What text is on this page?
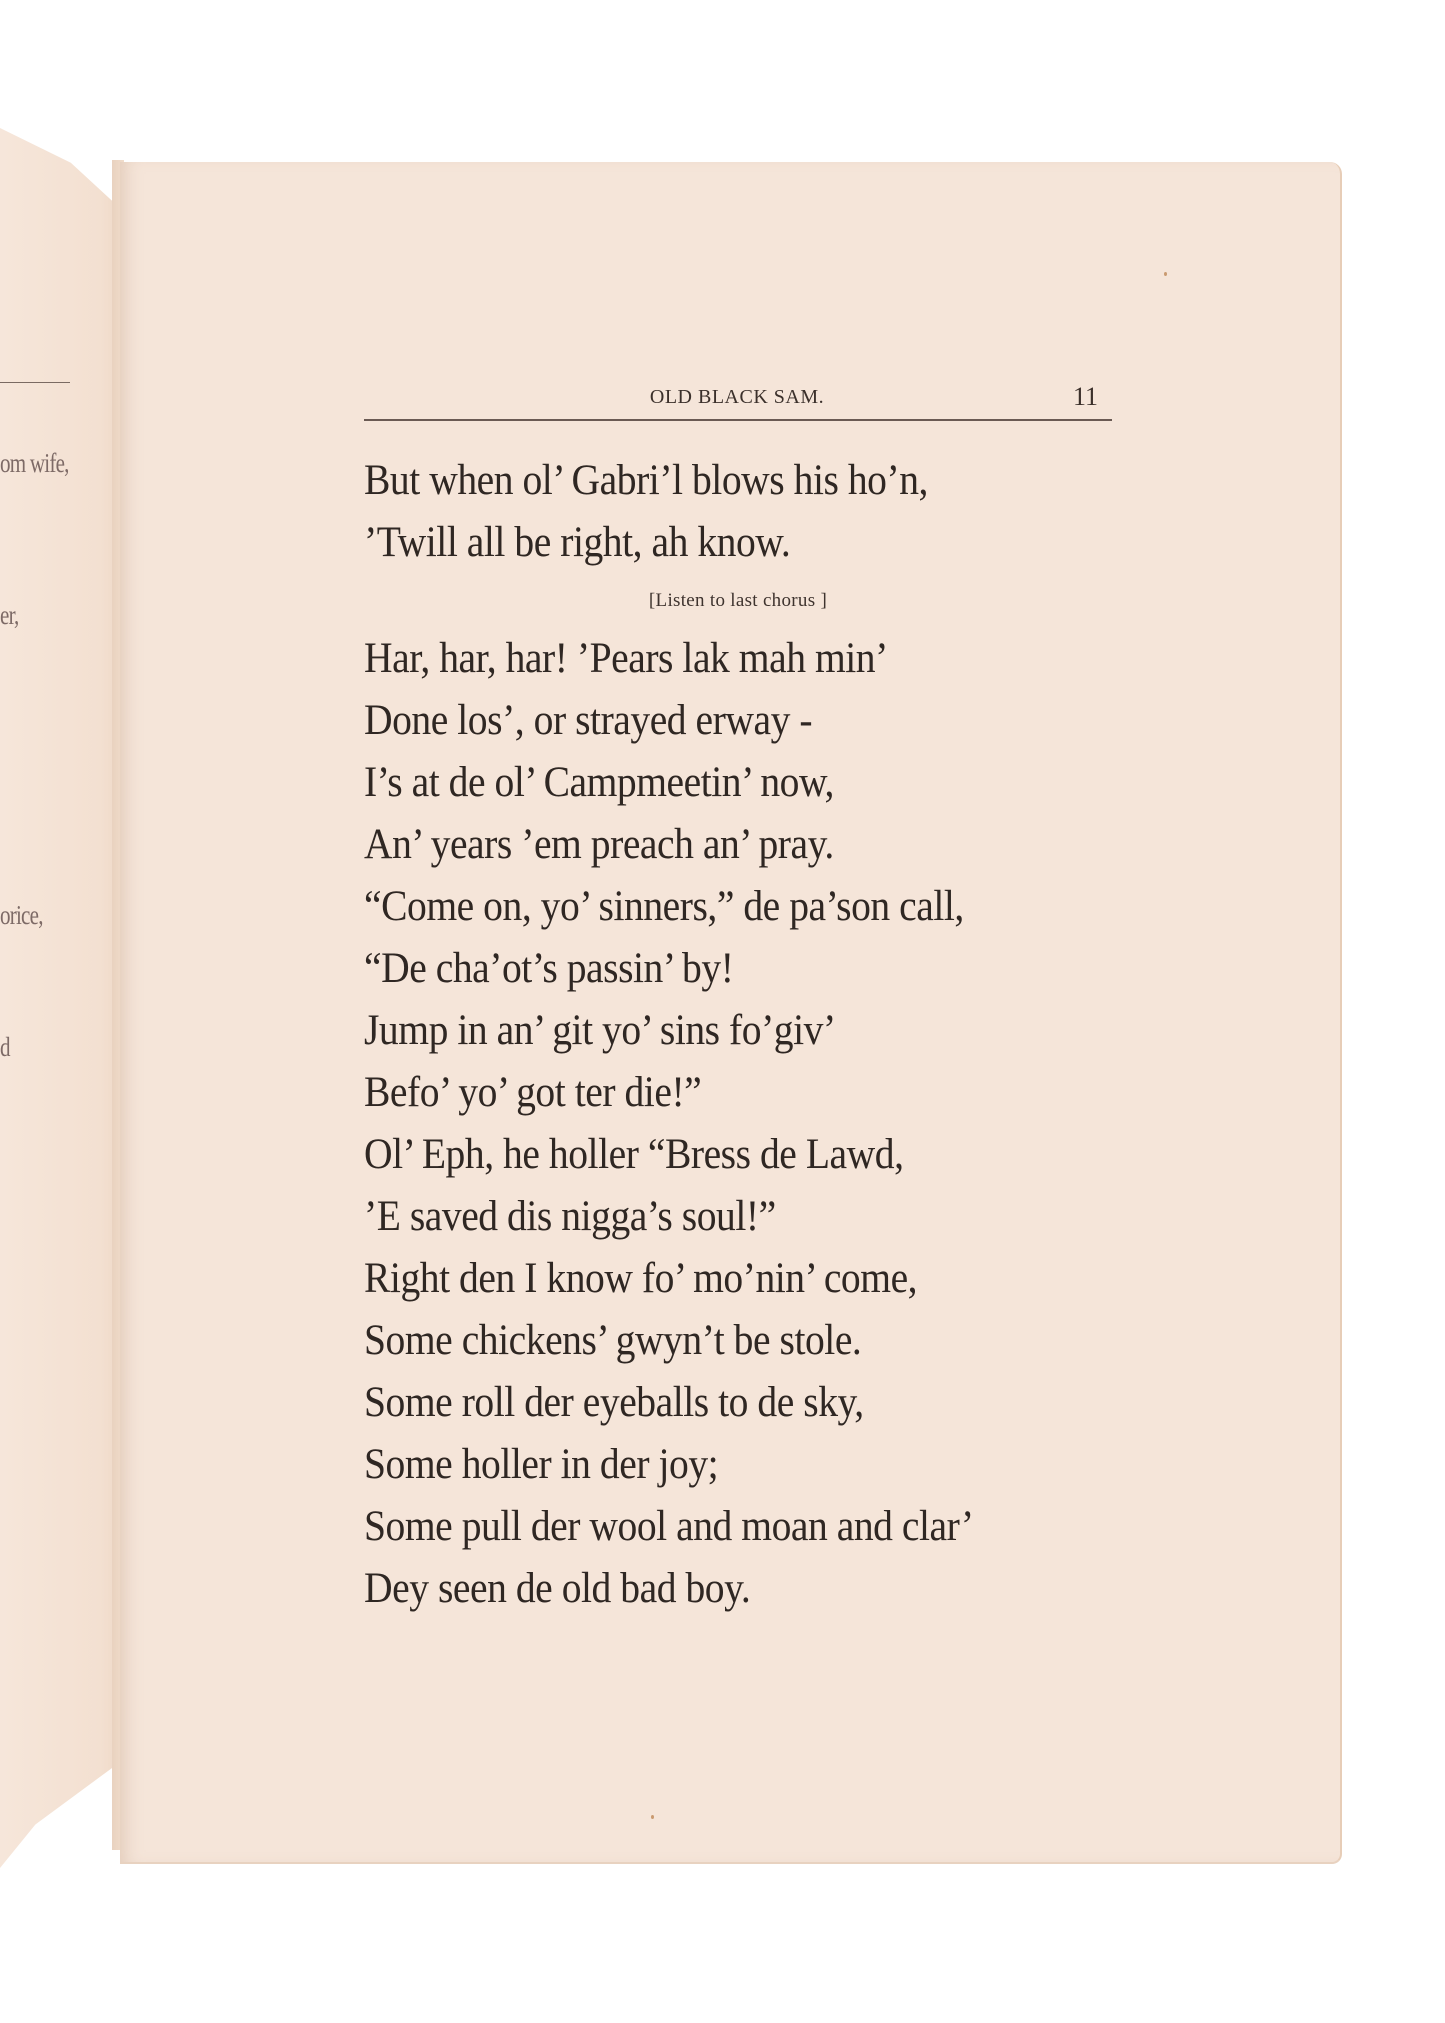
om wife,
er,
orice,
d
OLD BLACK SAM.	11
But when ol’ Gabri’l blows his ho’n,
’Twill all be right, ah know.
[Listen to last chorus ]
Har, har, har! ’Pears lak mah min’
Done los’, or strayed erway -
I’s at de ol’ Campmeetin’ now,
An’ years ’em preach an’ pray.
“Come on, yo’ sinners,” de pa’son call,
“De cha’ot’s passin’ by!
Jump in an’ git yo’ sins fo’giv’
Befo’ yo’ got ter die!”
Ol’ Eph, he holler “Bress de Lawd,
’E saved dis nigga’s soul!”
Right den I know fo’ mo’nin’ come,
Some chickens’ gwyn’t be stole.
Some roll der eyeballs to de sky,
Some holler in der joy;
Some pull der wool and moan and clar’
Dey seen de old bad boy.
